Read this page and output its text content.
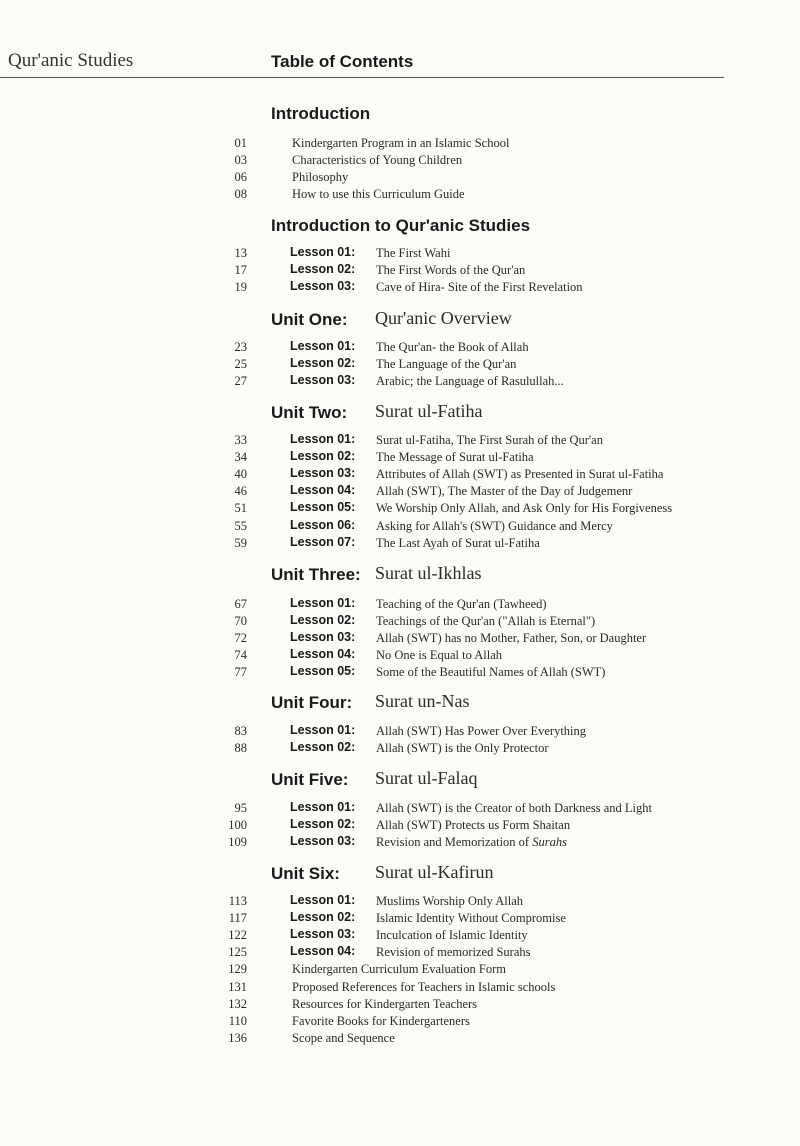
Qur'anic Studies	Table of Contents
Introduction
01	Kindergarten Program in an Islamic School
03	Characteristics of Young Children
06	Philosophy
08	How to use this Curriculum Guide
Introduction to Qur'anic Studies
13	Lesson 01: The First Wahi
17	Lesson 02: The First Words of the Qur'an
19	Lesson 03: Cave of Hira- Site of the First Revelation
Unit One: Qur'anic Overview
23	Lesson 01: The Qur'an- the Book of Allah
25	Lesson 02: The Language of the Qur'an
27	Lesson 03: Arabic; the Language of Rasulullah...
Unit Two: Surat ul-Fatiha
33	Lesson 01: Surat ul-Fatiha, The First Surah of the Qur'an
34	Lesson 02: The Message of Surat ul-Fatiha
40	Lesson 03: Attributes of Allah (SWT) as Presented in Surat ul-Fatiha
46	Lesson 04: Allah (SWT), The Master of the Day of Judgemenr
51	Lesson 05: We Worship Only Allah, and Ask Only for His Forgiveness
55	Lesson 06: Asking for Allah's (SWT) Guidance and Mercy
59	Lesson 07: The Last Ayah of Surat ul-Fatiha
Unit Three: Surat ul-Ikhlas
67	Lesson 01: Teaching of the Qur'an (Tawheed)
70	Lesson 02: Teachings of the Qur'an ("Allah is Eternal")
72	Lesson 03: Allah (SWT) has no Mother, Father, Son, or Daughter
74	Lesson 04: No One is Equal to Allah
77	Lesson 05: Some of the Beautiful Names of Allah (SWT)
Unit Four: Surat un-Nas
83	Lesson 01: Allah (SWT) Has Power Over Everything
88	Lesson 02: Allah (SWT) is the Only Protector
Unit Five: Surat ul-Falaq
95	Lesson 01: Allah (SWT) is the Creator of both Darkness and Light
100	Lesson 02: Allah (SWT) Protects us Form Shaitan
109	Lesson 03: Revision and Memorization of Surahs
Unit Six: Surat ul-Kafirun
113	Lesson 01: Muslims Worship Only Allah
117	Lesson 02: Islamic Identity Without Compromise
122	Lesson 03: Inculcation of Islamic Identity
125	Lesson 04: Revision of memorized Surahs
129	Kindergarten Curriculum Evaluation Form
131	Proposed References for Teachers in Islamic schools
132	Resources for Kindergarten Teachers
110	Favorite Books for Kindergarteners
136	Scope and Sequence
